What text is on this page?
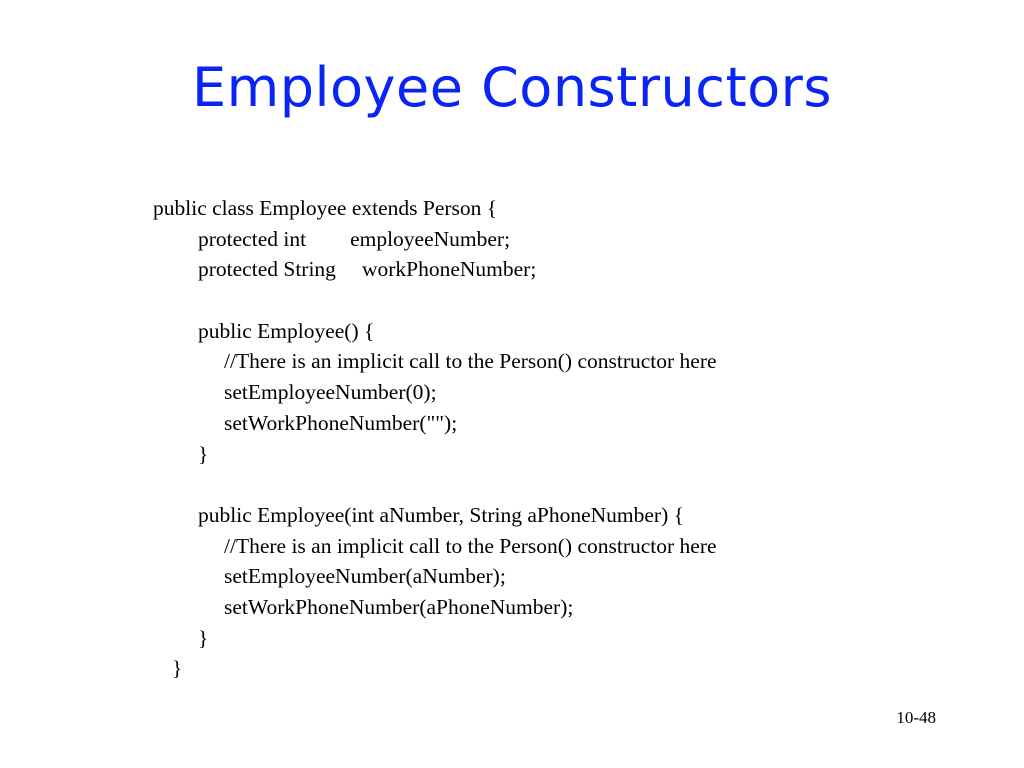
Employee Constructors
public class Employee extends Person {
protected int employeeNumber;
protected String workPhoneNumber;
public Employee() {
//There is an implicit call to the Person() constructor here
setEmployeeNumber(0);
setWorkPhoneNumber("");
}
public Employee(int aNumber, String aPhoneNumber) {
//There is an implicit call to the Person() constructor here
setEmployeeNumber(aNumber);
setWorkPhoneNumber(aPhoneNumber);
}
}
10-48
